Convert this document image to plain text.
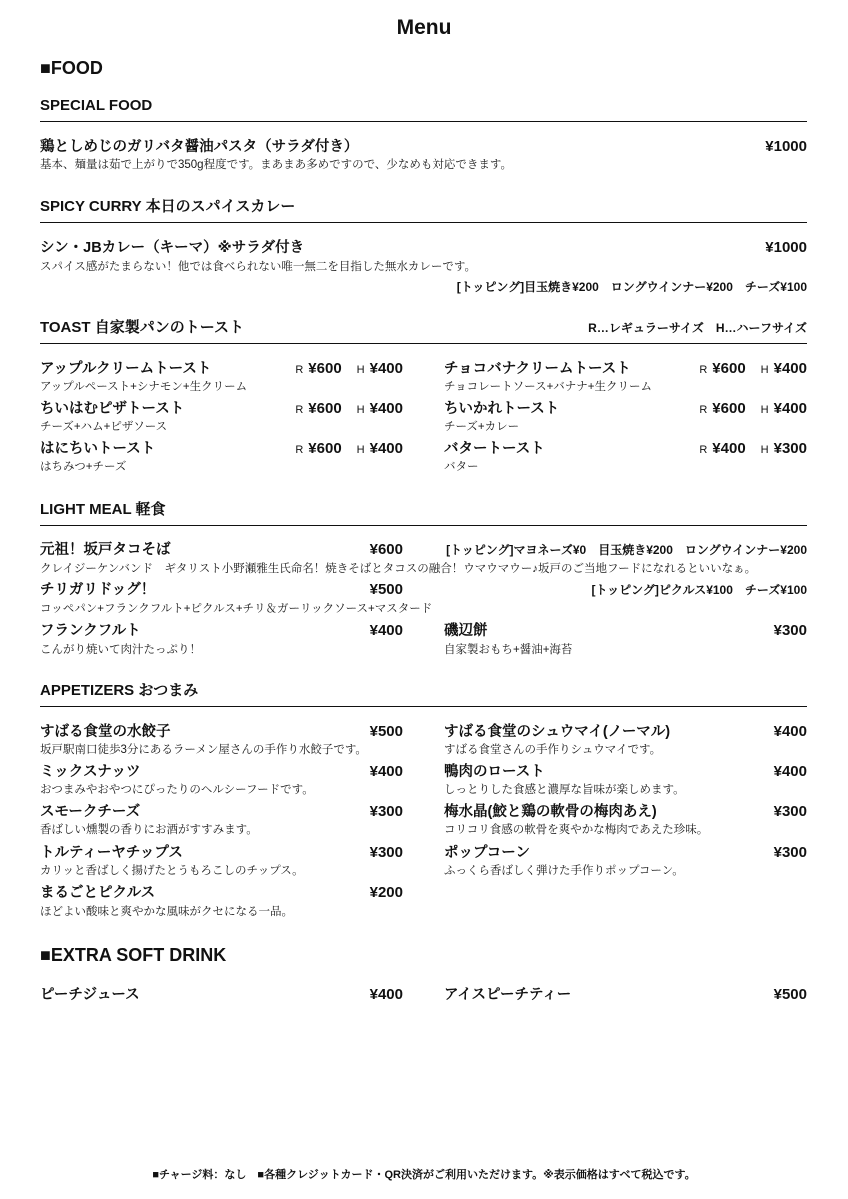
Menu
■FOOD
SPECIAL FOOD
鶏としめじのガリバタ醤油パスタ（サラダ付き）	¥1000
基本、麺量は茹で上がりで350g程度です。まあまあ多めですので、少なめも対応できます。
SPICY CURRY 本日のスパイスカレー
シン・JBカレー（キーマ）※サラダ付き	¥1000
スパイス感がたまらない！他では食べられない唯一無二を目指した無水カレーです。
[トッピング]目玉焼き¥200　ロングウインナー¥200　チーズ¥100
TOAST 自家製パンのトースト	R…レギュラーサイズ　H…ハーフサイズ
アップルクリームトースト	R ¥600 H ¥400
アップルペースト+シナモン+生クリーム
ちいはむピザトースト	R ¥600 H ¥400
チーズ+ハム+ピザソース
はにちいトースト	R ¥600 H ¥400
はちみつ+チーズ
チョコバナクリームトースト	R ¥600 H ¥400
チョコレートソース+バナナ+生クリーム
ちいかれトースト	R ¥600 H ¥400
チーズ+カレー
バタートースト	R ¥400 H ¥300
バター
LIGHT MEAL 軽食
元祖！坂戸タコそば	¥600	[トッピング]マヨネーズ¥0　目玉焼き¥200　ロングウインナー¥200
クレイジーケンバンド　ギタリスト小野瀬雅生氏命名！焼きそばとタコスの融合！ウマウマウー♪坂戸のご当地フードになれるといいなぁ。
チリガリドッグ！	¥500	[トッピング]ピクルス¥100　チーズ¥100
コッペパン+フランクフルト+ピクルス+チリ＆ガーリックソース+マスタード
フランクフルト	¥400
こんがり焼いて肉汁たっぷり！
磯辺餅	¥300
自家製おもち+醤油+海苔
APPETIZERS おつまみ
すばる食堂の水餃子	¥500
坂戸駅南口徒歩3分にあるラーメン屋さんの手作り水餃子です。
ミックスナッツ	¥400
おつまみやおやつにぴったりのヘルシーフードです。
スモークチーズ	¥300
香ばしい燻製の香りにお酒がすすみます。
トルティーヤチップス	¥300
カリッと香ばしく揚げたとうもろこしのチップス。
まるごとピクルス	¥200
ほどよい酸味と爽やかな風味がクセになる一品。
すばる食堂のシュウマイ(ノーマル)	¥400
すばる食堂さんの手作りシュウマイです。
鴨肉のロースト	¥400
しっとりした食感と濃厚な旨味が楽しめます。
梅水晶(鮫と鶏の軟骨の梅肉あえ)	¥300
コリコリ食感の軟骨を爽やかな梅肉であえた珍味。
ポップコーン	¥300
ふっくら香ばしく弾けた手作りポップコーン。
■EXTRA SOFT DRINK
ピーチジュース	¥400	アイスピーチティー	¥500
■チャージ料：なし　■各種クレジットカード・QR決済がご利用いただけます。※表示価格はすべて税込です。
